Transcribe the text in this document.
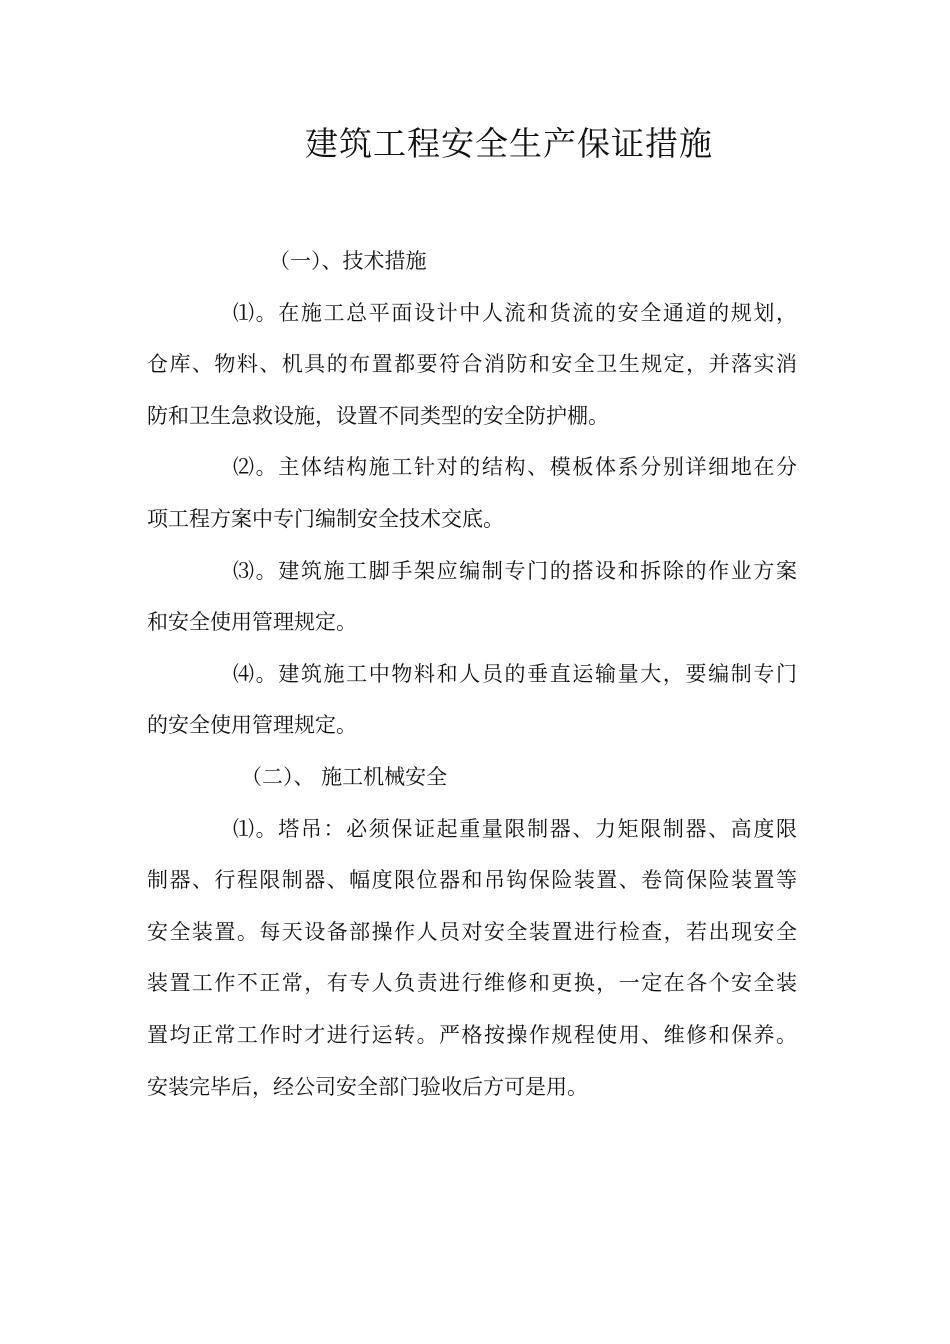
建筑工程安全生产保证措施
（一）、技术措施
⑴。在施工总平面设计中人流和货流的安全通道的规划，
仓库、物料、机具的布置都要符合消防和安全卫生规定，并落实消
防和卫生急救设施，设置不同类型的安全防护棚。
⑵。主体结构施工针对的结构、模板体系分别详细地在分
项工程方案中专门编制安全技术交底。
⑶。建筑施工脚手架应编制专门的搭设和拆除的作业方案
和安全使用管理规定。
⑷。建筑施工中物料和人员的垂直运输量大，要编制专门
的安全使用管理规定。
（二）、 施工机械安全
⑴。塔吊：必须保证起重量限制器、力矩限制器、高度限
制器、行程限制器、幅度限位器和吊钩保险装置、卷筒保险装置等
安全装置。每天设备部操作人员对安全装置进行检查，若出现安全
装置工作不正常，有专人负责进行维修和更换，一定在各个安全装
置均正常工作时才进行运转。严格按操作规程使用、维修和保养。
安装完毕后，经公司安全部门验收后方可是用。
